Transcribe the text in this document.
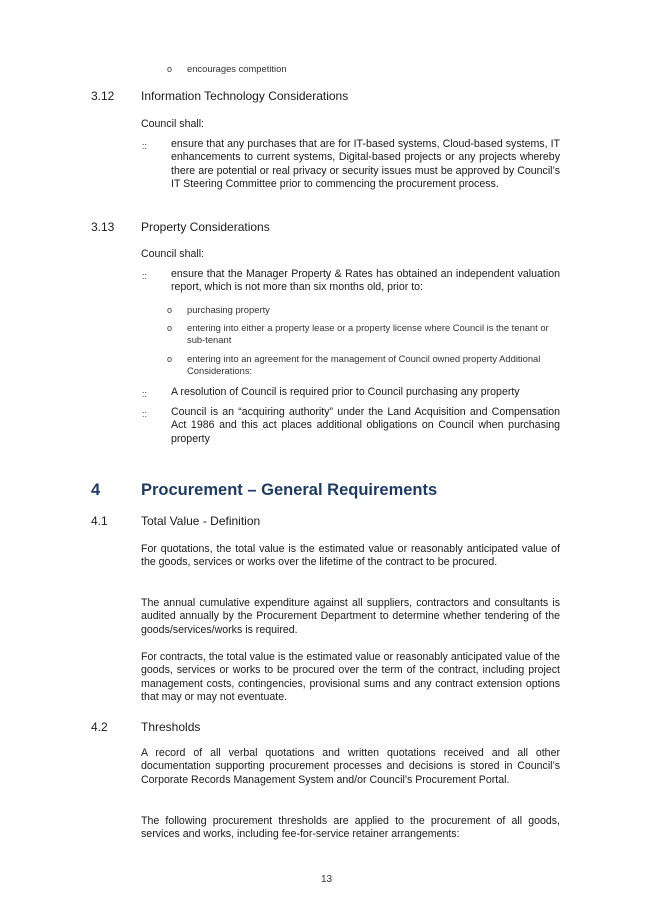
o encourages competition
3.12 Information Technology Considerations
Council shall:
:: ensure that any purchases that are for IT-based systems, Cloud-based systems, IT enhancements to current systems, Digital-based projects or any projects whereby there are potential or real privacy or security issues must be approved by Council’s IT Steering Committee prior to commencing the procurement process.
3.13 Property Considerations
Council shall:
:: ensure that the Manager Property & Rates has obtained an independent valuation report, which is not more than six months old, prior to:
o purchasing property
o entering into either a property lease or a property license where Council is the tenant or sub-tenant
o entering into an agreement for the management of Council owned property Additional Considerations:
:: A resolution of Council is required prior to Council purchasing any property
:: Council is an “acquiring authority” under the Land Acquisition and Compensation Act 1986 and this act places additional obligations on Council when purchasing property
4 Procurement – General Requirements
4.1	Total Value - Definition
For quotations, the total value is the estimated value or reasonably anticipated value of the goods, services or works over the lifetime of the contract to be procured.
The annual cumulative expenditure against all suppliers, contractors and consultants is audited annually by the Procurement Department to determine whether tendering of the goods/services/works is required.
For contracts, the total value is the estimated value or reasonably anticipated value of the goods, services or works to be procured over the term of the contract, including project management costs, contingencies, provisional sums and any contract extension options that may or may not eventuate.
4.2	Thresholds
A record of all verbal quotations and written quotations received and all other documentation supporting procurement processes and decisions is stored in Council’s Corporate Records Management System and/or Council’s Procurement Portal.
The following procurement thresholds are applied to the procurement of all goods, services and works, including fee-for-service retainer arrangements:
13
